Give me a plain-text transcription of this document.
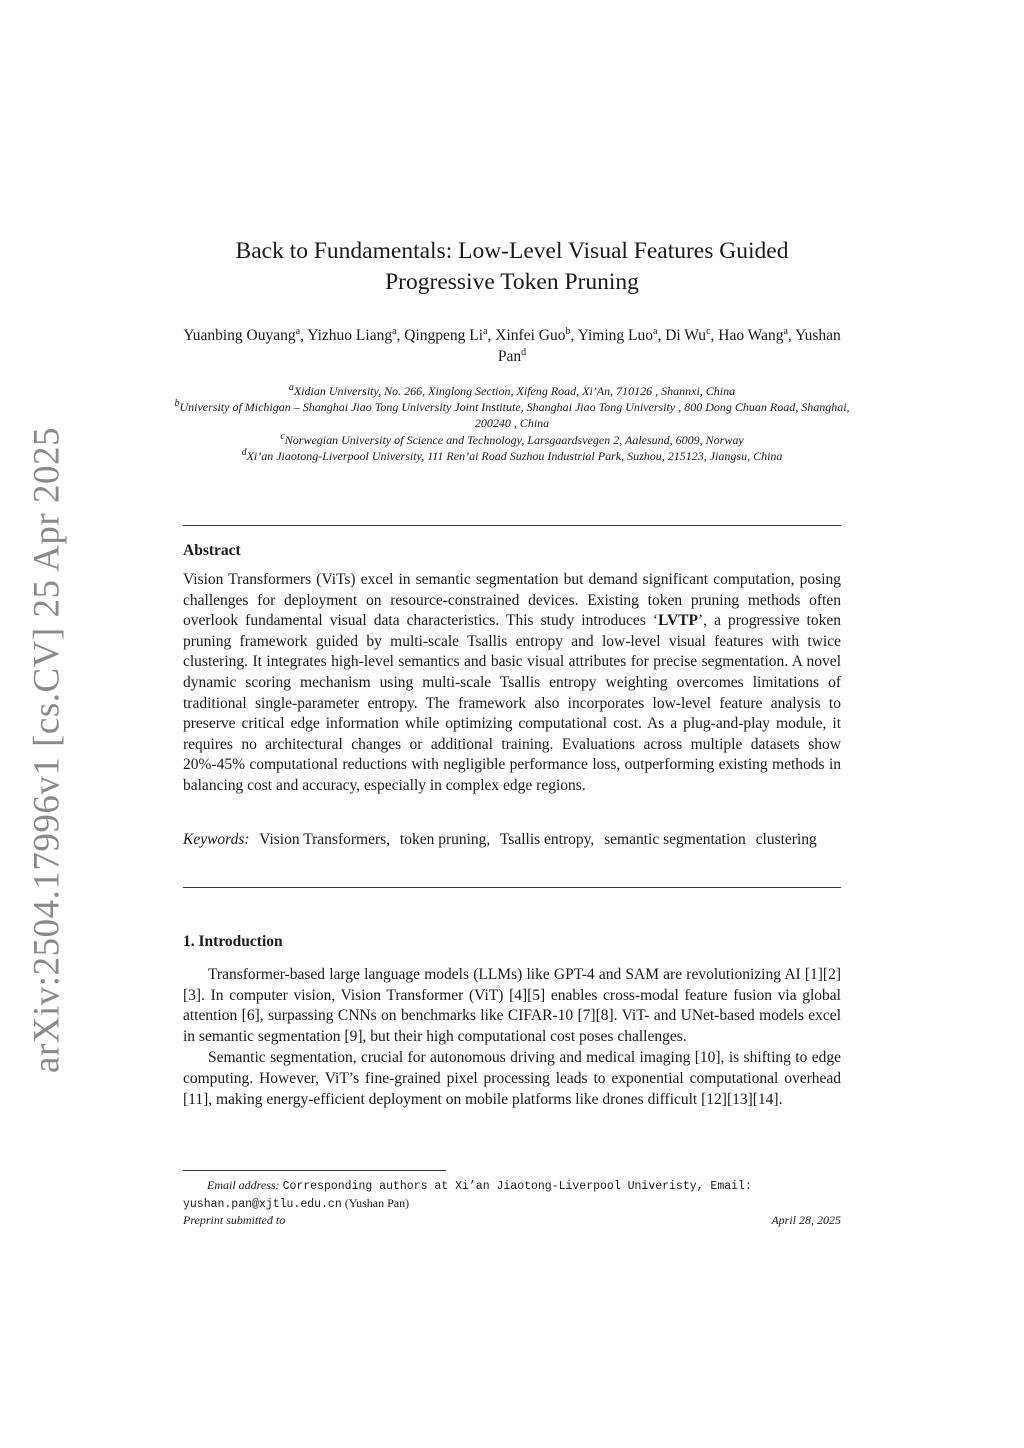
arXiv:2504.17996v1 [cs.CV] 25 Apr 2025
Back to Fundamentals: Low-Level Visual Features Guided
Progressive Token Pruning
Yuanbing Ouyang$^a$, Yizhuo Liang$^a$, Qingpeng Li$^a$, Xinfei Guo$^b$, Yiming Luo$^a$, Di Wu$^c$, Hao Wang$^a$, Yushan Pan$^d$
$^a$Xidian University, No. 266, Xinglong Section, Xifeng Road, Xi’An, 710126 , Shannxi, China
$^b$University of Michigan – Shanghai Jiao Tong University Joint Institute, Shanghai Jiao Tong University , 800 Dong Chuan Road, Shanghai, 200240 , China
$^c$Norwegian University of Science and Technology, Larsgaardsvegen 2, Aalesund, 6009, Norway
$^d$Xi’an Jiaotong-Liverpool University, 111 Ren’ai Road Suzhou Industrial Park, Suzhou, 215123, Jiangsu, China
Abstract
Vision Transformers (ViTs) excel in semantic segmentation but demand significant computation, posing challenges for deployment on resource-constrained devices. Existing token pruning methods often overlook fundamental visual data characteristics. This study introduces ‘LVTP’, a progressive token pruning framework guided by multi-scale Tsallis entropy and low-level visual features with twice clustering. It integrates high-level semantics and basic visual attributes for precise segmentation. A novel dynamic scoring mechanism using multi-scale Tsallis entropy weighting overcomes limitations of traditional single-parameter entropy. The framework also incorporates low-level feature analysis to preserve critical edge information while optimizing computational cost. As a plug-and-play module, it requires no architectural changes or additional training. Evaluations across multiple datasets show 20%-45% computational reductions with negligible performance loss, outperforming existing methods in balancing cost and accuracy, especially in complex edge regions.
Keywords: Vision Transformers, token pruning, Tsallis entropy, semantic segmentation clustering
1. Introduction

Transformer-based large language models (LLMs) like GPT-4 and SAM are revolutionizing AI [1][2][3]. In computer vision, Vision Transformer (ViT) [4][5] enables cross-modal feature fusion via global attention [6], surpassing CNNs on benchmarks like CIFAR-10 [7][8]. ViT- and UNet-based models excel in semantic segmentation [9], but their high computational cost poses challenges.

Semantic segmentation, crucial for autonomous driving and medical imaging [10], is shifting to edge computing. However, ViT’s fine-grained pixel processing leads to exponential computational overhead [11], making energy-efficient deployment on mobile platforms like drones difficult [12][13][14].

Email address: Corresponding authors at Xi’an Jiaotong-Liverpool Univeristy, Email:
yushan.pan@xjtlu.edu.cn (Yushan Pan)
Preprint submitted to	April 28, 2025
